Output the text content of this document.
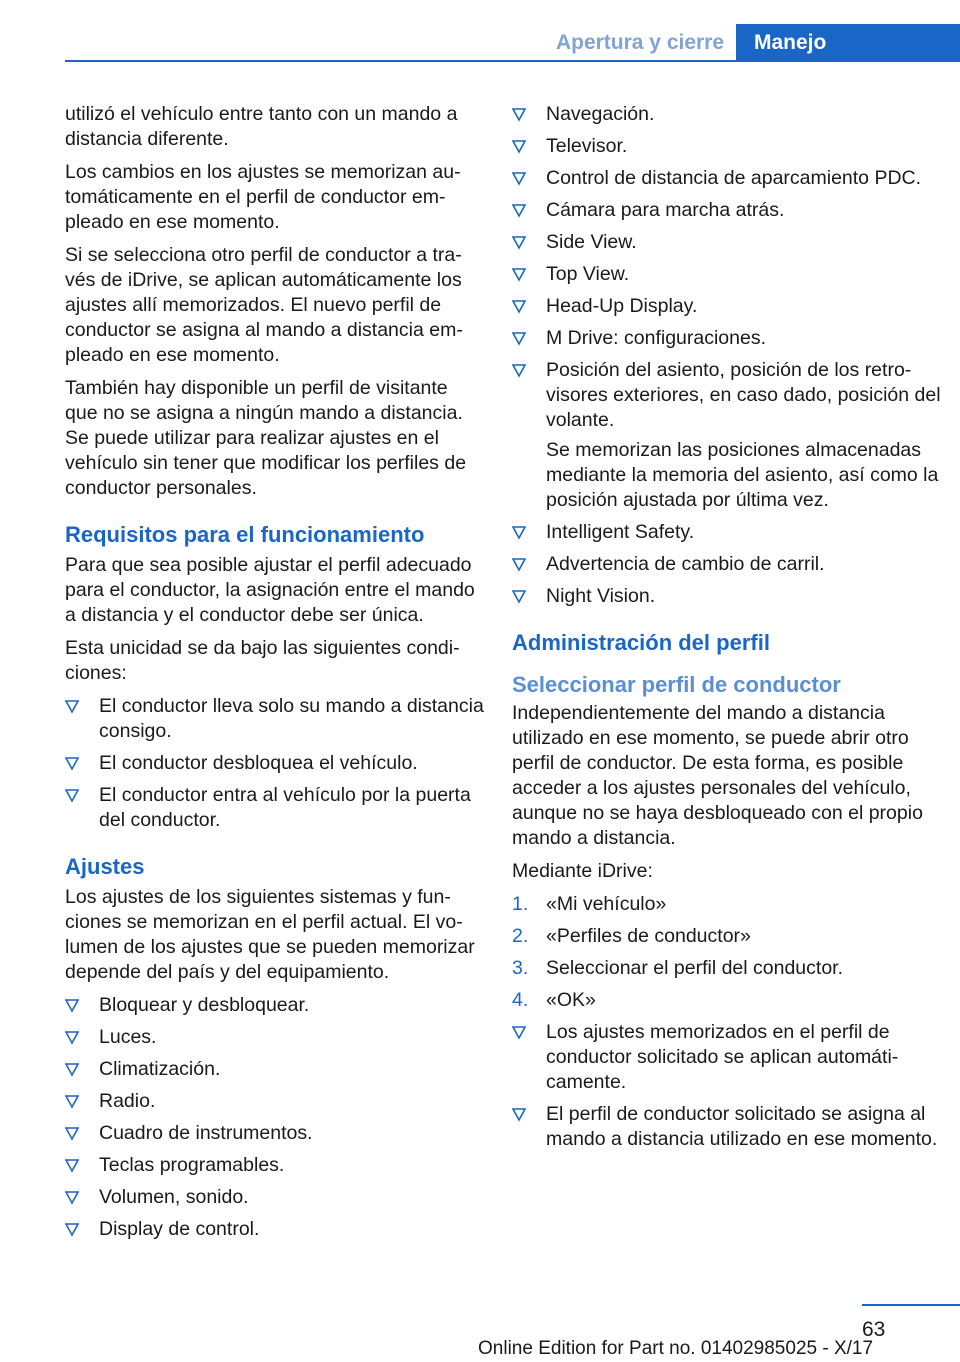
Apertura y cierre	Manejo

utilizó el vehículo entre tanto con un mando a distancia diferente.

Los cambios en los ajustes se memorizan automáticamente en el perfil de conductor empleado en ese momento.

Si se selecciona otro perfil de conductor a través de iDrive, se aplican automáticamente los ajustes allí memorizados. El nuevo perfil de conductor se asigna al mando a distancia empleado en ese momento.

También hay disponible un perfil de visitante que no se asigna a ningún mando a distancia. Se puede utilizar para realizar ajustes en el vehículo sin tener que modificar los perfiles de conductor personales.

Requisitos para el funcionamiento

Para que sea posible ajustar el perfil adecuado para el conductor, la asignación entre el mando a distancia y el conductor debe ser única.

Esta unicidad se da bajo las siguientes condiciones:

El conductor lleva solo su mando a distancia consigo.
El conductor desbloquea el vehículo.
El conductor entra al vehículo por la puerta del conductor.
Ajustes

Los ajustes de los siguientes sistemas y funciones se memorizan en el perfil actual. El volumen de los ajustes que se pueden memorizar depende del país y del equipamiento.

Bloquear y desbloquear.
Luces.
Climatización.
Radio.
Cuadro de instrumentos.
Teclas programables.
Volumen, sonido.
Display de control.
Navegación.
Televisor.
Control de distancia de aparcamiento PDC.
Cámara para marcha atrás.
Side View.
Top View.
Head-Up Display.
M Drive: configuraciones.
Posición del asiento, posición de los retrovisores exteriores, en caso dado, posición del volante.

Se memorizan las posiciones almacenadas mediante la memoria del asiento, así como la posición ajustada por última vez.

Intelligent Safety.
Advertencia de cambio de carril.
Night Vision.
Administración del perfil
Seleccionar perfil de conductor

Independientemente del mando a distancia utilizado en ese momento, se puede abrir otro perfil de conductor. De esta forma, es posible acceder a los ajustes personales del vehículo, aunque no se haya desbloqueado con el propio mando a distancia.

Mediante iDrive:

1. «Mi vehículo»
2. «Perfiles de conductor»
3. Seleccionar el perfil del conductor.
4. «OK»
Los ajustes memorizados en el perfil de conductor solicitado se aplican automáticamente.
El perfil de conductor solicitado se asigna al mando a distancia utilizado en ese momento.
63
Online Edition for Part no. 01402985025 - X/17
